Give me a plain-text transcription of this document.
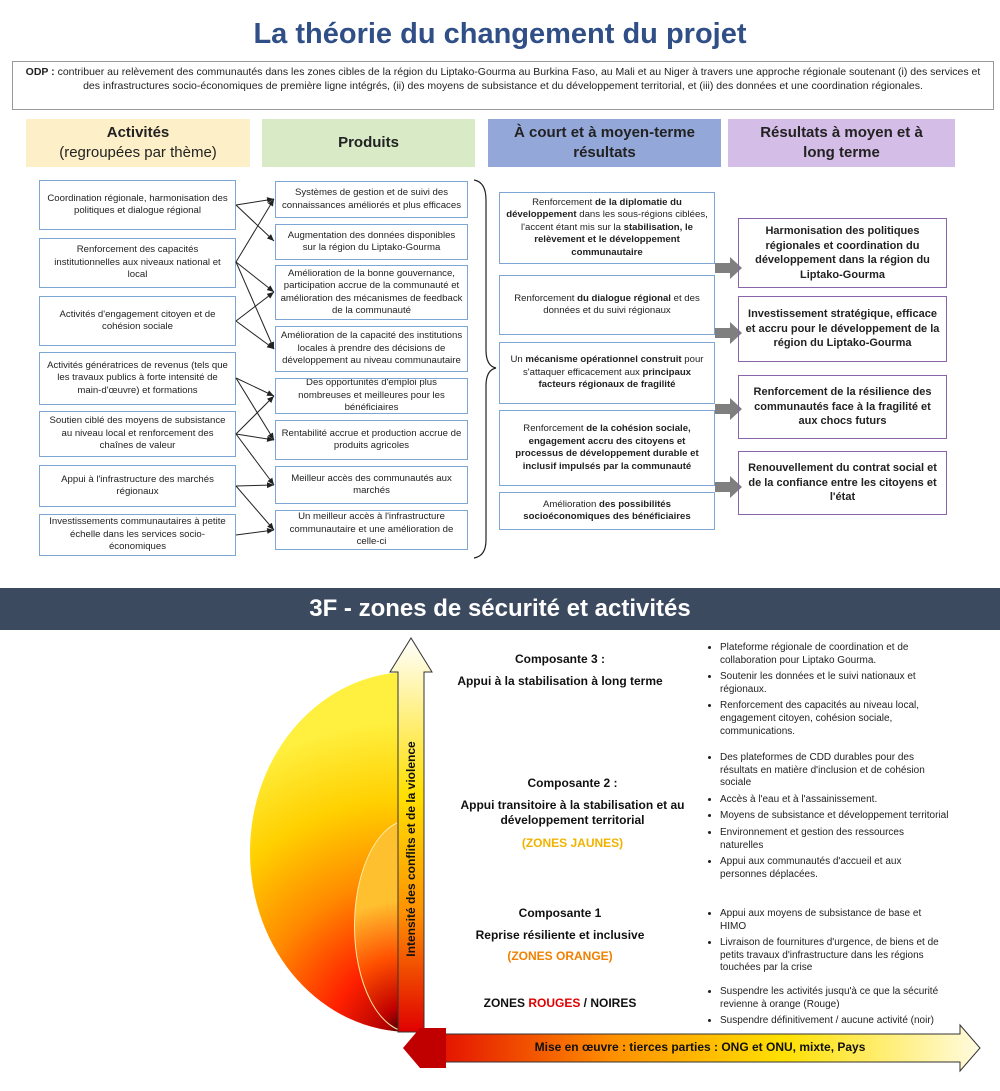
La théorie du changement du projet
ODP : contribuer au relèvement des communautés dans les zones cibles de la région du Liptako-Gourma au Burkina Faso, au Mali et au Niger à travers une approche régionale soutenant (i) des services et des infrastructures socio-économiques de première ligne intégrés, (ii) des moyens de subsistance et du développement territorial, et (iii) des données et une coordination régionales.
Activités
(regroupées par thème)
Produits
À court et à moyen-terme résultats
Résultats à moyen et à long terme
Coordination régionale, harmonisation des politiques et dialogue régional
Renforcement des capacités institutionnelles aux niveaux national et local
Activités d'engagement citoyen et de cohésion sociale
Activités génératrices de revenus (tels que les travaux publics à forte intensité de main-d'œuvre) et formations
Soutien ciblé des moyens de subsistance au niveau local et renforcement des chaînes de valeur
Appui à l'infrastructure des marchés régionaux
Investissements communautaires à petite échelle dans les services socio-économiques
Systèmes de gestion et de suivi des connaissances améliorés et plus efficaces
Augmentation des données disponibles sur la région du Liptako-Gourma
Amélioration de la bonne gouvernance, participation accrue de la communauté et amélioration des mécanismes de feedback de la communauté
Amélioration de la capacité des institutions locales à prendre des décisions de développement au niveau communautaire
Des opportunités d'emploi plus nombreuses et meilleures pour les bénéficiaires
Rentabilité accrue et production accrue de produits agricoles
Meilleur accès des communautés aux marchés
Un meilleur accès à l'infrastructure communautaire et une amélioration de celle-ci
Renforcement de la diplomatie du développement dans les sous-régions ciblées, l'accent étant mis sur la stabilisation, le relèvement et le développement communautaire
Renforcement du dialogue régional et des données et du suivi régionaux
Un mécanisme opérationnel construit pour s'attaquer efficacement aux principaux facteurs régionaux de fragilité
Renforcement de la cohésion sociale, engagement accru des citoyens et processus de développement durable et inclusif impulsés par la communauté
Amélioration des possibilités socioéconomiques des bénéficiaires
Harmonisation des politiques régionales et coordination du développement dans la région du Liptako-Gourma
Investissement stratégique, efficace et accru pour le développement de la région du Liptako-Gourma
Renforcement de la résilience des communautés face à la fragilité et aux chocs futurs
Renouvellement du contrat social et de la confiance entre les citoyens et l'état
3F - zones de sécurité et activités
Intensité des conflits et de la violence
Mise en œuvre : tierces parties : ONG et ONU, mixte, Pays
Composante 3 :
Appui à la stabilisation à long terme
Composante 2 :
Appui transitoire à la stabilisation et au développement territorial
(ZONES JAUNES)
Composante 1
Reprise résiliente et inclusive
(ZONES ORANGE)
ZONES ROUGES / NOIRES
• Plateforme régionale de coordination et de collaboration pour Liptako Gourma.
• Soutenir les données et le suivi nationaux et régionaux.
• Renforcement des capacités au niveau local, engagement citoyen, cohésion sociale, communications.
• Des plateformes de CDD durables pour des résultats en matière d'inclusion et de cohésion sociale
• Accès à l'eau et à l'assainissement.
• Moyens de subsistance et développement territorial
• Environnement et gestion des ressources naturelles
• Appui aux communautés d'accueil et aux personnes déplacées.
• Appui aux moyens de subsistance de base et HIMO
• Livraison de fournitures d'urgence, de biens et de petits travaux d'infrastructure dans les régions touchées par la crise
• Suspendre les activités jusqu'à ce que la sécurité revienne à orange (Rouge)
• Suspendre définitivement / aucune activité (noir)
